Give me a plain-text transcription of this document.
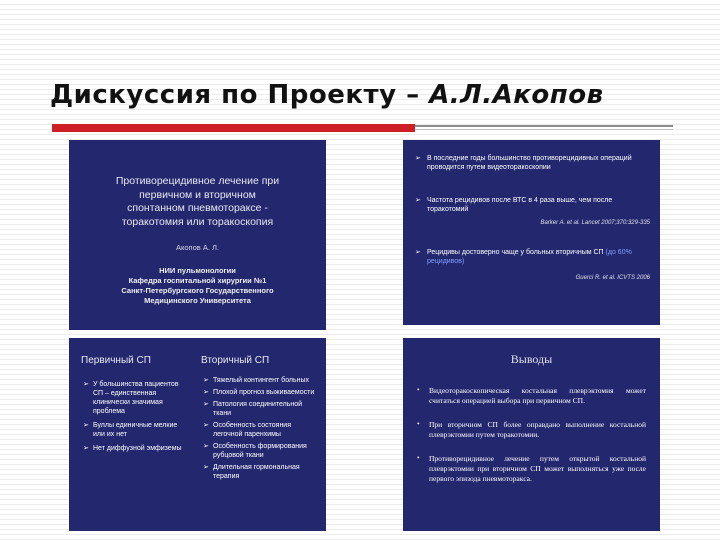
Дискуссия по Проекту – А.Л.Акопов
Противорецидивное лечение при
первичном и вторичном
спонтанном пневмотораксе -
торакотомия или торакоскопия
Акопов А. Л.
НИИ пульмонологии
Кафедра госпитальной хирургии №1
Санкт-Петербургского Государственного
Медицинского Университета
➢ В последние годы большинство противорецидивных операций проводится путем видеоторакоскопии
➢ Частота рецидивов после ВТС в 4 раза выше, чем после торакотомий
Barker A. et al. Lancet 2007;370:329-335
➢ Рецидивы достоверно чаще у больных вторичным СП (до 60% рецидивов)
Guerci R. et al. ICVTS 2006
Первичный СП	Вторичный СП
➢ У большинства пациентов СП – единственная клинически значимая проблема
➢ Буллы единичные мелкие или их нет
➢ Нет диффузной эмфиземы
➢ Тяжелый контингент больных
➢ Плохой прогноз выживаемости
➢ Патология соединительной ткани
➢ Особенность состояния легочной паренхимы
➢ Особенность формирования рубцовой ткани
➢ Длительная гормональная терапия
Выводы
• Видеоторакоскопическая костальная плеврэктомия может считаться операцией выбора при первичном СП.
• При вторичном СП более оправдано выполнение костальной плеврэктомии путем торакотомии.
• Противорецидивное лечение путем открытой костальной плеврэктомии при вторичном СП может выполняться уже после первого эпизода пневмоторакса.
